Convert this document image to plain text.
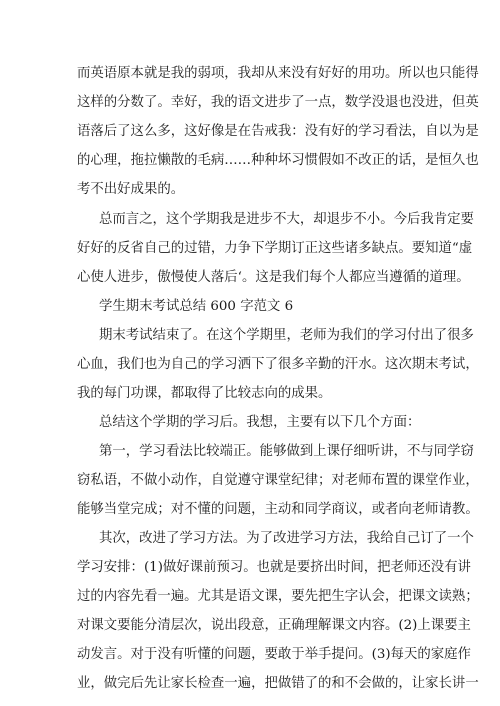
而英语原本就是我的弱项，我却从来没有好好的用功。所以也只能得
这样的分数了。幸好，我的语文进步了一点，数学没退也没进，但英
语落后了这么多，这好像是在告戒我：没有好的学习看法，自以为是
的心理，拖拉懒散的毛病……种种坏习惯假如不改正的话，是恒久也
考不出好成果的。
总而言之，这个学期我是进步不大，却退步不小。今后我肯定要
好好的反省自己的过错，力争下学期订正这些诸多缺点。要知道“虚
心使人进步，傲慢使人落后‘。这是我们每个人都应当遵循的道理。
学生期末考试总结 600 字范文 6
期末考试结束了。在这个学期里，老师为我们的学习付出了很多
心血，我们也为自己的学习洒下了很多辛勤的汗水。这次期末考试，
我的每门功课，都取得了比较志向的成果。
总结这个学期的学习后。我想，主要有以下几个方面：
第一，学习看法比较端正。能够做到上课仔细听讲，不与同学窃
窃私语，不做小动作，自觉遵守课堂纪律；对老师布置的课堂作业，
能够当堂完成；对不懂的问题，主动和同学商议，或者向老师请教。
其次，改进了学习方法。为了改进学习方法，我给自己订了一个
学习安排：(1)做好课前预习。也就是要挤出时间，把老师还没有讲
过的内容先看一遍。尤其是语文课，要先把生字认会，把课文读熟；
对课文要能分清层次，说出段意，正确理解课文内容。(2)上课要主
动发言。对于没有听懂的问题，要敢于举手提问。(3)每天的家庭作
业，做完后先让家长检查一遍，把做错了的和不会做的，让家长讲一
